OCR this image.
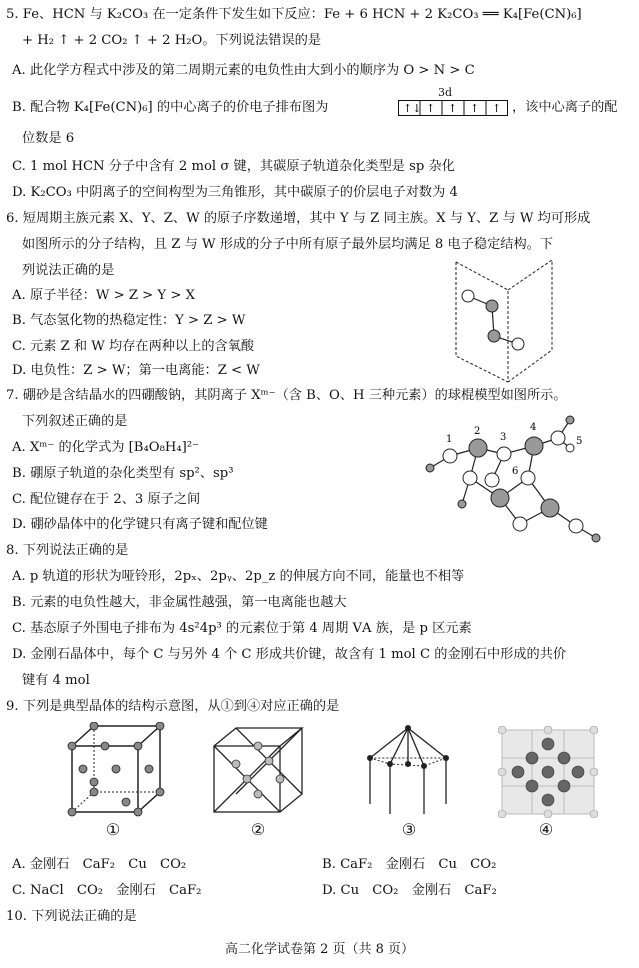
5. Fe、HCN 与 K₂CO₃ 在一定条件下发生如下反应：Fe + 6 HCN + 2 K₂CO₃ ══ K₄[Fe(CN)₆]
+ H₂ ↑ + 2 CO₂ ↑ + 2 H₂O。下列说法错误的是
A. 此化学方程式中涉及的第二周期元素的电负性由大到小的顺序为 O > N > C
B. 配合物 K₄[Fe(CN)₆] 的中心离子的价电子排布图为
3d
↑↓ ↑ ↑ ↑ ↑ ，该中心离子的配
位数是 6
C. 1 mol HCN 分子中含有 2 mol σ 键，其碳原子轨道杂化类型是 sp 杂化
D. K₂CO₃ 中阴离子的空间构型为三角锥形，其中碳原子的价层电子对数为 4
6. 短周期主族元素 X、Y、Z、W 的原子序数递增，其中 Y 与 Z 同主族。X 与 Y、Z 与 W 均可形成
如图所示的分子结构，且 Z 与 W 形成的分子中所有原子最外层均满足 8 电子稳定结构。下
列说法正确的是
A. 原子半径：W > Z > Y > X
B. 气态氢化物的热稳定性：Y > Z > W
C. 元素 Z 和 W 均存在两种以上的含氧酸
D. 电负性：Z > W；第一电离能：Z < W
7. 硼砂是含结晶水的四硼酸钠，其阴离子 Xᵐ⁻（含 B、O、H 三种元素）的球棍模型如图所示。
下列叙述正确的是
A. Xᵐ⁻ 的化学式为 [B₄O₈H₄]²⁻
B. 硼原子轨道的杂化类型有 sp²、sp³
C. 配位键存在于 2、3 原子之间
D. 硼砂晶体中的化学键只有离子键和配位键
1
2
3
4
5
6
8. 下列说法正确的是
A. p 轨道的形状为哑铃形，2pₓ、2pᵧ、2p_z 的伸展方向不同，能量也不相等
B. 元素的电负性越大，非金属性越强，第一电离能也越大
C. 基态原子外围电子排布为 4s²4p³ 的元素位于第 4 周期 ⅤA 族，是 p 区元素
D. 金刚石晶体中，每个 C 与另外 4 个 C 形成共价键，故含有 1 mol C 的金刚石中形成的共价
键有 4 mol
9. 下列是典型晶体的结构示意图，从①到④对应正确的是
①	②	③	④
A. 金刚石　CaF₂　Cu　CO₂	B. CaF₂　金刚石　Cu　CO₂
C. NaCl　CO₂　金刚石　CaF₂	D. Cu　CO₂　金刚石　CaF₂
10. 下列说法正确的是
高二化学试卷第 2 页（共 8 页）
